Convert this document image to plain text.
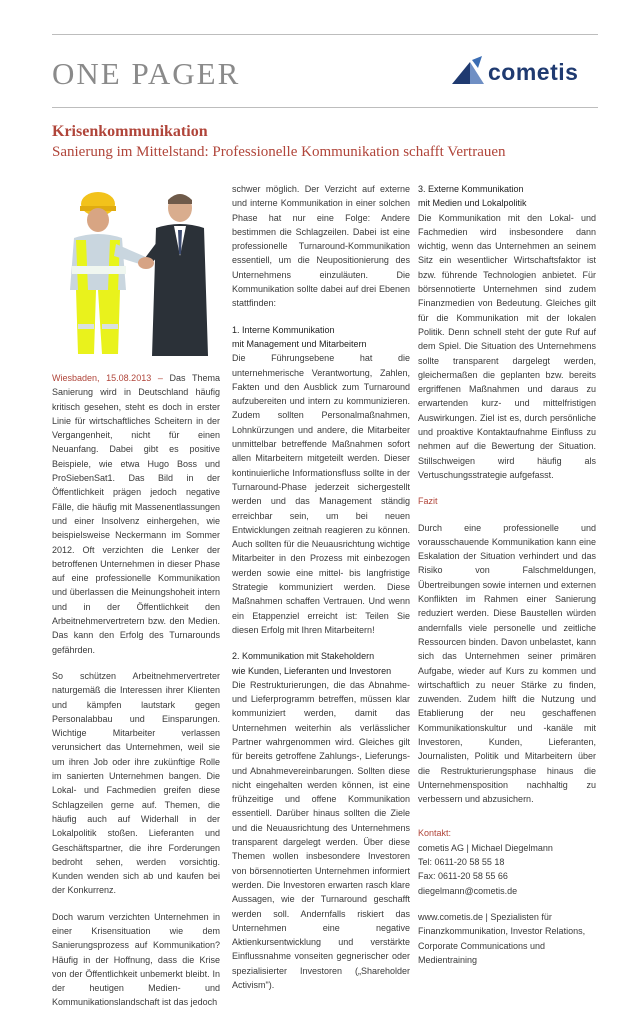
ONE PAGER	cometis
Krisenkommunikation
Sanierung im Mittelstand: Professionelle Kommunikation schafft Vertrauen

Wiesbaden, 15.08.2013 – Das Thema Sanierung wird in Deutschland häufig kritisch gesehen, steht es doch in erster Linie für wirtschaftliches Scheitern in der Vergangenheit, nicht für einen Neuanfang. Dabei gibt es positive Beispiele, wie etwa Hugo Boss und ProSiebenSat1. Das Bild in der Öffentlichkeit prägen jedoch negative Fälle, die häufig mit Massenentlassungen und einer Insolvenz einhergehen, wie beispielsweise Neckermann im Sommer 2012. Oft verzichten die Lenker der betroffenen Unternehmen in dieser Phase auf eine professionelle Kommunikation und überlassen die Meinungshoheit intern und in der Öffentlichkeit den Arbeitnehmervertretern bzw. den Medien. Das kann den Erfolg des Turnarounds gefährden.

So schützen Arbeitnehmervertreter naturgemäß die Interessen ihrer Klienten und kämpfen lautstark gegen Personalabbau und Einsparungen. Wichtige Mitarbeiter verlassen verunsichert das Unternehmen, weil sie um ihren Job oder ihre zukünftige Rolle im sanierten Unternehmen bangen. Die Lokal- und Fachmedien greifen diese Schlagzeilen gerne auf. Themen, die häufig auch auf Widerhall in der Lokalpolitik stoßen. Lieferanten und Geschäftspartner, die ihre Forderungen bedroht sehen, werden vorsichtig. Kunden wenden sich ab und kaufen bei der Konkurrenz.

Doch warum verzichten Unternehmen in einer Krisensituation wie dem Sanierungsprozess auf Kommunikation? Häufig in der Hoffnung, dass die Krise von der Öffentlichkeit unbemerkt bleibt. In der heutigen Medien- und Kommunikationslandschaft ist das jedoch

schwer möglich. Der Verzicht auf externe und interne Kommunikation in einer solchen Phase hat nur eine Folge: Andere bestimmen die Schlagzeilen. Dabei ist eine professionelle Turnaround-Kommunikation essentiell, um die Neupositionierung des Unternehmens einzuläuten. Die Kommunikation sollte dabei auf drei Ebenen stattfinden:

1. Interne Kommunikation
mit Management und Mitarbeitern

Die Führungsebene hat die unternehmerische Verantwortung, Zahlen, Fakten und den Ausblick zum Turnaround aufzubereiten und intern zu kommunizieren. Zudem sollten Personalmaßnahmen, Lohnkürzungen und andere, die Mitarbeiter unmittelbar betreffende Maßnahmen sofort allen Mitarbeitern mitgeteilt werden. Dieser kontinuierliche Informationsfluss sollte in der Turnaround-Phase jederzeit sichergestellt werden und das Management ständig erreichbar sein, um bei neuen Entwicklungen zeitnah reagieren zu können. Auch sollten für die Neuausrichtung wichtige Mitarbeiter in den Prozess mit einbezogen werden sowie eine mittel- bis langfristige Strategie kommuniziert werden. Diese Maßnahmen schaffen Vertrauen. Und wenn ein Etappenziel erreicht ist: Teilen Sie diesen Erfolg mit Ihren Mitarbeitern!

2. Kommunikation mit Stakeholdern
wie Kunden, Lieferanten und Investoren

Die Restrukturierungen, die das Abnahme- und Lieferprogramm betreffen, müssen klar kommuniziert werden, damit das Unternehmen weiterhin als verlässlicher Partner wahrgenommen wird. Gleiches gilt für bereits getroffene Zahlungs-, Lieferungs- und Abnahmevereinbarungen. Sollten diese nicht eingehalten werden können, ist eine frühzeitige und offene Kommunikation essentiell. Darüber hinaus sollten die Ziele und die Neuausrichtung des Unternehmens transparent dargelegt werden. Über diese Themen wollen insbesondere Investoren von börsennotierten Unternehmen informiert werden. Die Investoren erwarten rasch klare Aussagen, wie der Turnaround geschafft werden soll. Andernfalls riskiert das Unternehmen eine negative Aktienkursentwicklung und verstärkte Einflussnahme vonseiten gegnerischer oder spezialisierter Investoren („Shareholder Activism").

3. Externe Kommunikation
mit Medien und Lokalpolitik

Die Kommunikation mit den Lokal- und Fachmedien wird insbesondere dann wichtig, wenn das Unternehmen an seinem Sitz ein wesentlicher Wirtschaftsfaktor ist bzw. führende Technologien anbietet. Für börsennotierte Unternehmen sind zudem Finanzmedien von Bedeutung. Gleiches gilt für die Kommunikation mit der lokalen Politik. Denn schnell steht der gute Ruf auf dem Spiel. Die Situation des Unternehmens sollte transparent dargelegt werden, gleichermaßen die geplanten bzw. bereits ergriffenen Maßnahmen und daraus zu erwartenden kurz- und mittelfristigen Auswirkungen. Ziel ist es, durch persönliche und proaktive Kontaktaufnahme Einfluss zu nehmen auf die Bewertung der Situation. Stillschweigen wird häufig als Vertuschungsstrategie aufgefasst.

Fazit

Durch eine professionelle und vorausschauende Kommunikation kann eine Eskalation der Situation verhindert und das Risiko von Falschmeldungen, Übertreibungen sowie internen und externen Konflikten im Rahmen einer Sanierung reduziert werden. Diese Baustellen würden andernfalls viele personelle und zeitliche Ressourcen binden. Davon unbelastet, kann sich das Unternehmen seiner primären Aufgabe, wieder auf Kurs zu kommen und wirtschaftlich zu neuer Stärke zu finden, zuwenden. Zudem hilft die Nutzung und Etablierung der neu geschaffenen Kommunikationskultur und -kanäle mit Investoren, Kunden, Lieferanten, Journalisten, Politik und Mitarbeitern über die Restrukturierungsphase hinaus die Unternehmensposition nachhaltig zu verbessern und abzusichern.

Kontakt:
cometis AG | Michael Diegelmann
Tel: 0611-20 58 55 18
Fax: 0611-20 58 55 66
diegelmann@cometis.de
www.cometis.de | Spezialisten für Finanzkommunikation, Investor Relations, Corporate Communications und Medientraining
